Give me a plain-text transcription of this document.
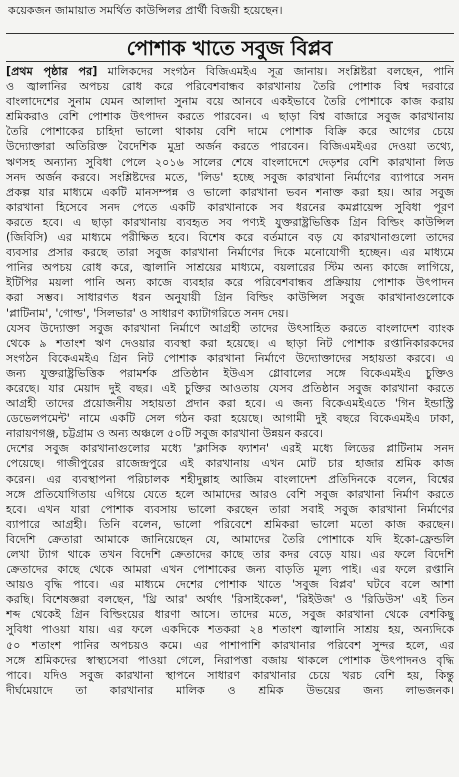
কয়েকজন জামায়াত সমর্থিত কাউন্সিলর প্রার্থী বিজয়ী হয়েছেন।
পোশাক খাতে সবুজ বিপ্লব
[প্রথম পৃষ্ঠার পর] মালিকদের সংগঠন বিজিএমইএ সূত্র জানায়। সংশ্লিষ্টরা বলছেন, পানি
ও জ্বালানির অপচয় রোধ করে পরিবেশবান্ধব কারখানায় তৈরি পোশাক বিশ্ব দরবারে
বাংলাদেশের সুনাম যেমন আলাদা সুনাম বয়ে আনবে একইভাবে তৈরি পোশাকে কাজ করায়
শ্রমিকরাও বেশি পোশাক উৎপাদন করতে পারবেন। এ ছাড়া বিশ্ব বাজারে সবুজ কারখানায়
তৈরি পোশাকের চাহিদা ভালো থাকায় বেশি দামে পোশাক বিক্রি করে আগের চেয়ে
উদ্যোক্তারা অতিরিক্ত বৈদেশিক মুদ্রা অর্জন করতে পারবেন। বিজিএমইএর দেওয়া তথ্যে,
ঋণসহ অন্যান্য সুবিধা পেলে ২০১৬ সালের শেষে বাংলাদেশে দেড়শর বেশি কারখানা লিড
সনদ অর্জন করবে। সংশ্লিষ্টদের মতে, 'লিড' হচ্ছে সবুজ কারখানা নির্মাণের ব্যাপারে সনদ
প্রকল্প যার মাধ্যমে একটি মানসম্পন্ন ও ভালো কারখানা ভবন শনাক্ত করা হয়। আর সবুজ
কারখানা হিসেবে সনদ পেতে একটি কারখানাকে সব ধরনের কমপ্লায়েন্স সুবিধা পূরণ
করতে হবে। এ ছাড়া কারখানায় ব্যবহৃত সব পণ্যই যুক্তরাষ্ট্রভিত্তিক গ্রিন বিল্ডিং কাউন্সিল
(জিবিসি) এর মাধ্যমে পরীক্ষিত হবে। বিশেষ করে বর্তমানে বড় যে কারখানাগুলো তাদের
ব্যবসার প্রসার করছে তারা সবুজ কারখানা নির্মাণের দিকে মনোযোগী হচ্ছেন। এর মাধ্যমে
পানির অপচয় রোধ করে, জ্বালানি সাশ্রয়ের মাধ্যমে, বয়লারের স্টিম অন্য কাজে লাগিয়ে,
ইটিপির ময়লা পানি অন্য কাজে ব্যবহার করে পরিবেশবান্ধব প্রক্রিয়ায় পোশাক উৎপাদন
করা সম্ভব। সাধারণত ধরন অনুযায়ী গ্রিন বিল্ডিং কাউন্সিল সবুজ কারখানাগুলোকে
'প্লাটিনাম', 'গোল্ড', 'সিলভার' ও সাধারণ ক্যাটাগরিতে সনদ দেয়।
যেসব উদ্যোক্তা সবুজ কারখানা নির্মাণে আগ্রহী তাদের উৎসাহিত করতে বাংলাদেশ ব্যাংক
থেকে ৯ শতাংশ ঋণ দেওয়ার ব্যবস্থা করা হয়েছে। এ ছাড়া নিট পোশাক রপ্তানিকারকদের
সংগঠন বিকেএমইএ গ্রিন নিট পোশাক কারখানা নির্মাণে উদ্যোক্তাদের সহায়তা করবে। এ
জন্য যুক্তরাষ্ট্রভিত্তিক পরামর্শক প্রতিষ্ঠান ইউএস গ্লোবালের সঙ্গে বিকেএমইএ চুক্তিও
করেছে। যার মেয়াদ দুই বছর। এই চুক্তির আওতায় যেসব প্রতিষ্ঠান সবুজ কারখানা করতে
আগ্রহী তাদের প্রয়োজনীয় সহায়তা প্রদান করা হবে। এ জন্য বিকেএমইএতে 'গিন ইন্ডাস্ট্রি
ডেভেলপমেন্ট' নামে একটি সেল গঠন করা হয়েছে। আগামী দুই বছরে বিকেএমইএ ঢাকা,
নারায়ণগঞ্জ, চট্টগ্রাম ও অন্য অঞ্চলে ৫০টি সবুজ কারখানা উন্নয়ন করবে।
দেশের সবুজ কারখানাগুলোর মধ্যে 'ক্লাসিক ফ্যাশন' এরই মধ্যে লিডের প্লাটিনাম সনদ
পেয়েছে। গাজীপুরের রাজেন্দ্রপুরে এই কারখানায় এখন মোট চার হাজার শ্রমিক কাজ
করেন। এর ব্যবস্থাপনা পরিচালক শহীদুল্লাহ আজিম বাংলাদেশ প্রতিদিনকে বলেন, বিশ্বের
সঙ্গে প্রতিযোগিতায় এগিয়ে যেতে হলে আমাদের আরও বেশি সবুজ কারখানা নির্মাণ করতে
হবে। এখন যারা পোশাক ব্যবসায় ভালো করছেন তারা সবাই সবুজ কারখানা নির্মাণের
ব্যাপারে আগ্রহী। তিনি বলেন, ভালো পরিবেশে শ্রমিকরা ভালো মতো কাজ করছেন।
বিদেশি ক্রেতারা আমাকে জানিয়েছেন যে, আমাদের তৈরি পোশাকে যদি ইকো-ফ্রেন্ডলি
লেখা ট্যাগ থাকে তখন বিদেশি ক্রেতাদের কাছে তার কদর বেড়ে যায়। এর ফলে বিদেশি
ক্রেতাদের কাছে থেকে আমরা এখন পোশাকের জন্য বাড়তি মূল্য পাই। এর ফলে রপ্তানি
আয়ও বৃদ্ধি পাবে। এর মাধ্যমে দেশের পোশাক খাতে 'সবুজ বিপ্লব' ঘটবে বলে আশা
করছি। বিশেষজ্ঞরা বলছেন, 'থ্রি আর' অর্থাৎ 'রিসাইকেল', 'রিইউজ' ও 'রিডিউস' এই তিন
শব্দ থেকেই গ্রিন বিল্ডিংয়ের ধারণা আসে। তাদের মতে, সবুজ কারখানা থেকে বেশকিছু
সুবিধা পাওয়া যায়। এর ফলে একদিকে শতকরা ২৪ শতাংশ জ্বালানি সাশ্রয় হয়, অন্যদিকে
৫০ শতাংশ পানির অপচয়ও কমে। এর পাশাপাশি কারখানার পরিবেশ সুন্দর হলে, এর
সঙ্গে শ্রমিকদের স্বাস্থ্যসেবা পাওয়া গেলে, নিরাপত্তা বজায় থাকলে পোশাক উৎপাদনও বৃদ্ধি
পাবে। যদিও সবুজ কারখানা স্থাপনে সাধারণ কারখানার চেয়ে খরচ বেশি হয়, কিন্তু
দীর্ঘমেয়াদে তা কারখানার মালিক ও শ্রমিক উভয়ের জন্য লাভজনক।
